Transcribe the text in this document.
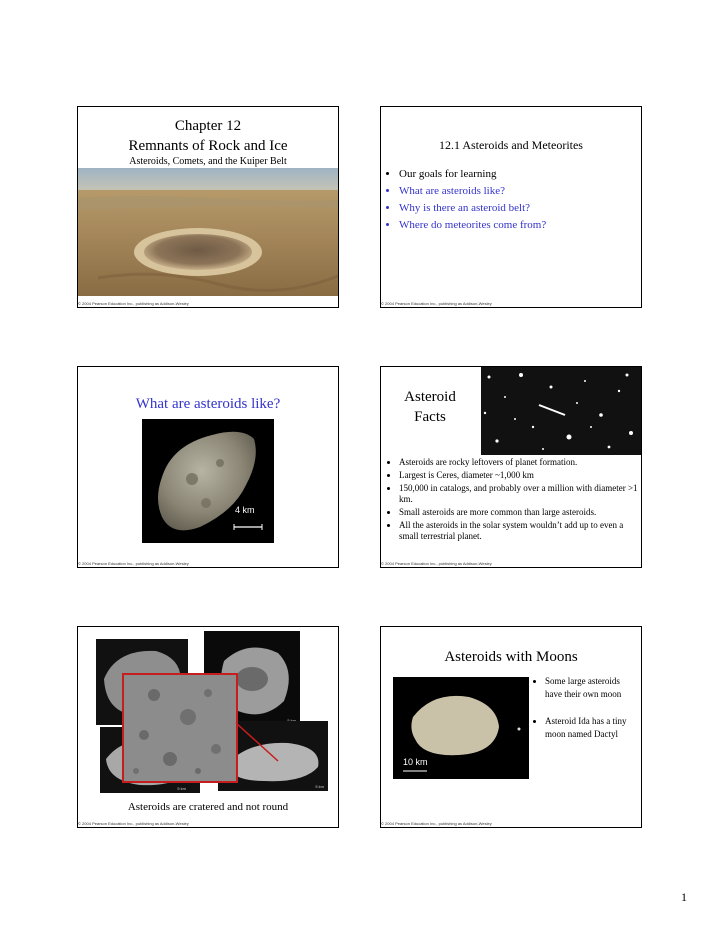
Chapter 12
Remnants of Rock and Ice
Asteroids, Comets, and the Kuiper Belt
© 2004 Pearson Education Inc., publishing as Addison-Wesley
12.1 Asteroids and Meteorites
• Our goals for learning
• What are asteroids like?
• Why is there an asteroid belt?
• Where do meteorites come from?
© 2004 Pearson Education Inc., publishing as Addison-Wesley
What are asteroids like?
4 km
© 2004 Pearson Education Inc., publishing as Addison-Wesley
Asteroid
Facts
• Asteroids are rocky leftovers of planet formation.
• Largest is Ceres, diameter ~1,000 km
• 150,000 in catalogs, and probably over a million with diameter >1 km.
• Small asteroids are more common than large asteroids.
• All the asteroids in the solar system wouldn’t add up to even a small terrestrial planet.
© 2004 Pearson Education Inc., publishing as Addison-Wesley
5 km	5 km
Asteroids are cratered and not round
© 2004 Pearson Education Inc., publishing as Addison-Wesley
Asteroids with Moons
10 km
• Some large asteroids have their own moon
• Asteroid Ida has a tiny moon named Dactyl
© 2004 Pearson Education Inc., publishing as Addison-Wesley
1
